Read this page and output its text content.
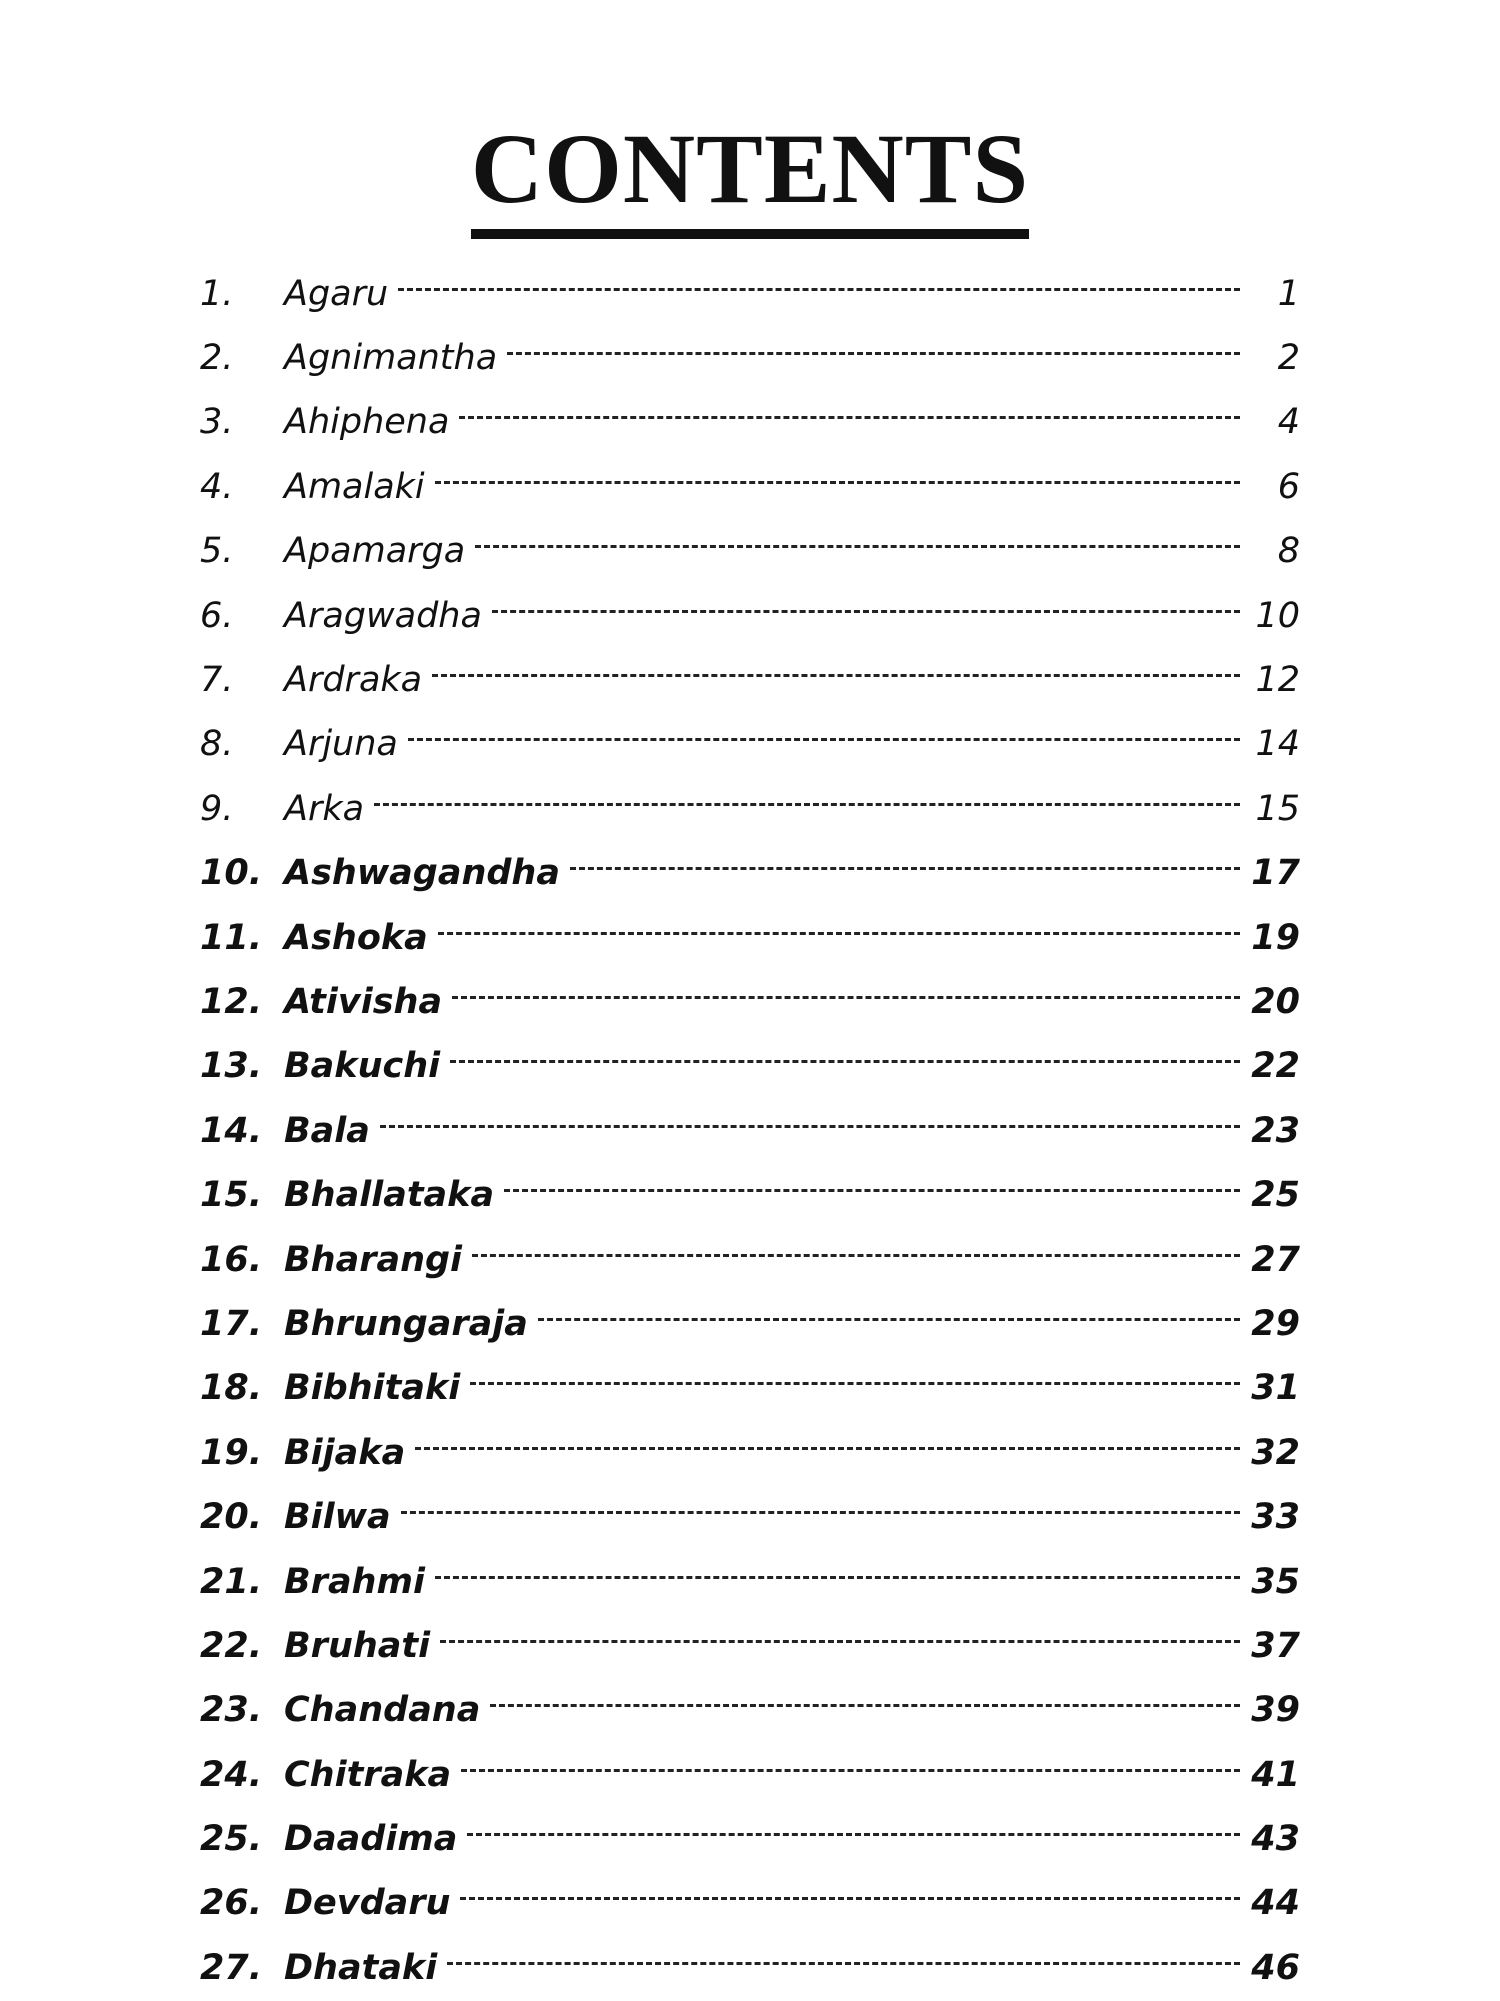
CONTENTS
1.	Agaru	1
2.	Agnimantha	2
3.	Ahiphena	4
4.	Amalaki	6
5.	Apamarga	8
6.	Aragwadha	10
7.	Ardraka	12
8.	Arjuna	14
9.	Arka	15
10. Ashwagandha	17
11. Ashoka	19
12. Ativisha	20
13. Bakuchi	22
14. Bala	23
15. Bhallataka	25
16. Bharangi	27
17. Bhrungaraja	29
18. Bibhitaki	31
19. Bijaka	32
20. Bilwa	33
21. Brahmi	35
22. Bruhati	37
23. Chandana	39
24. Chitraka	41
25. Daadima	43
26. Devdaru	44
27. Dhataki	46
